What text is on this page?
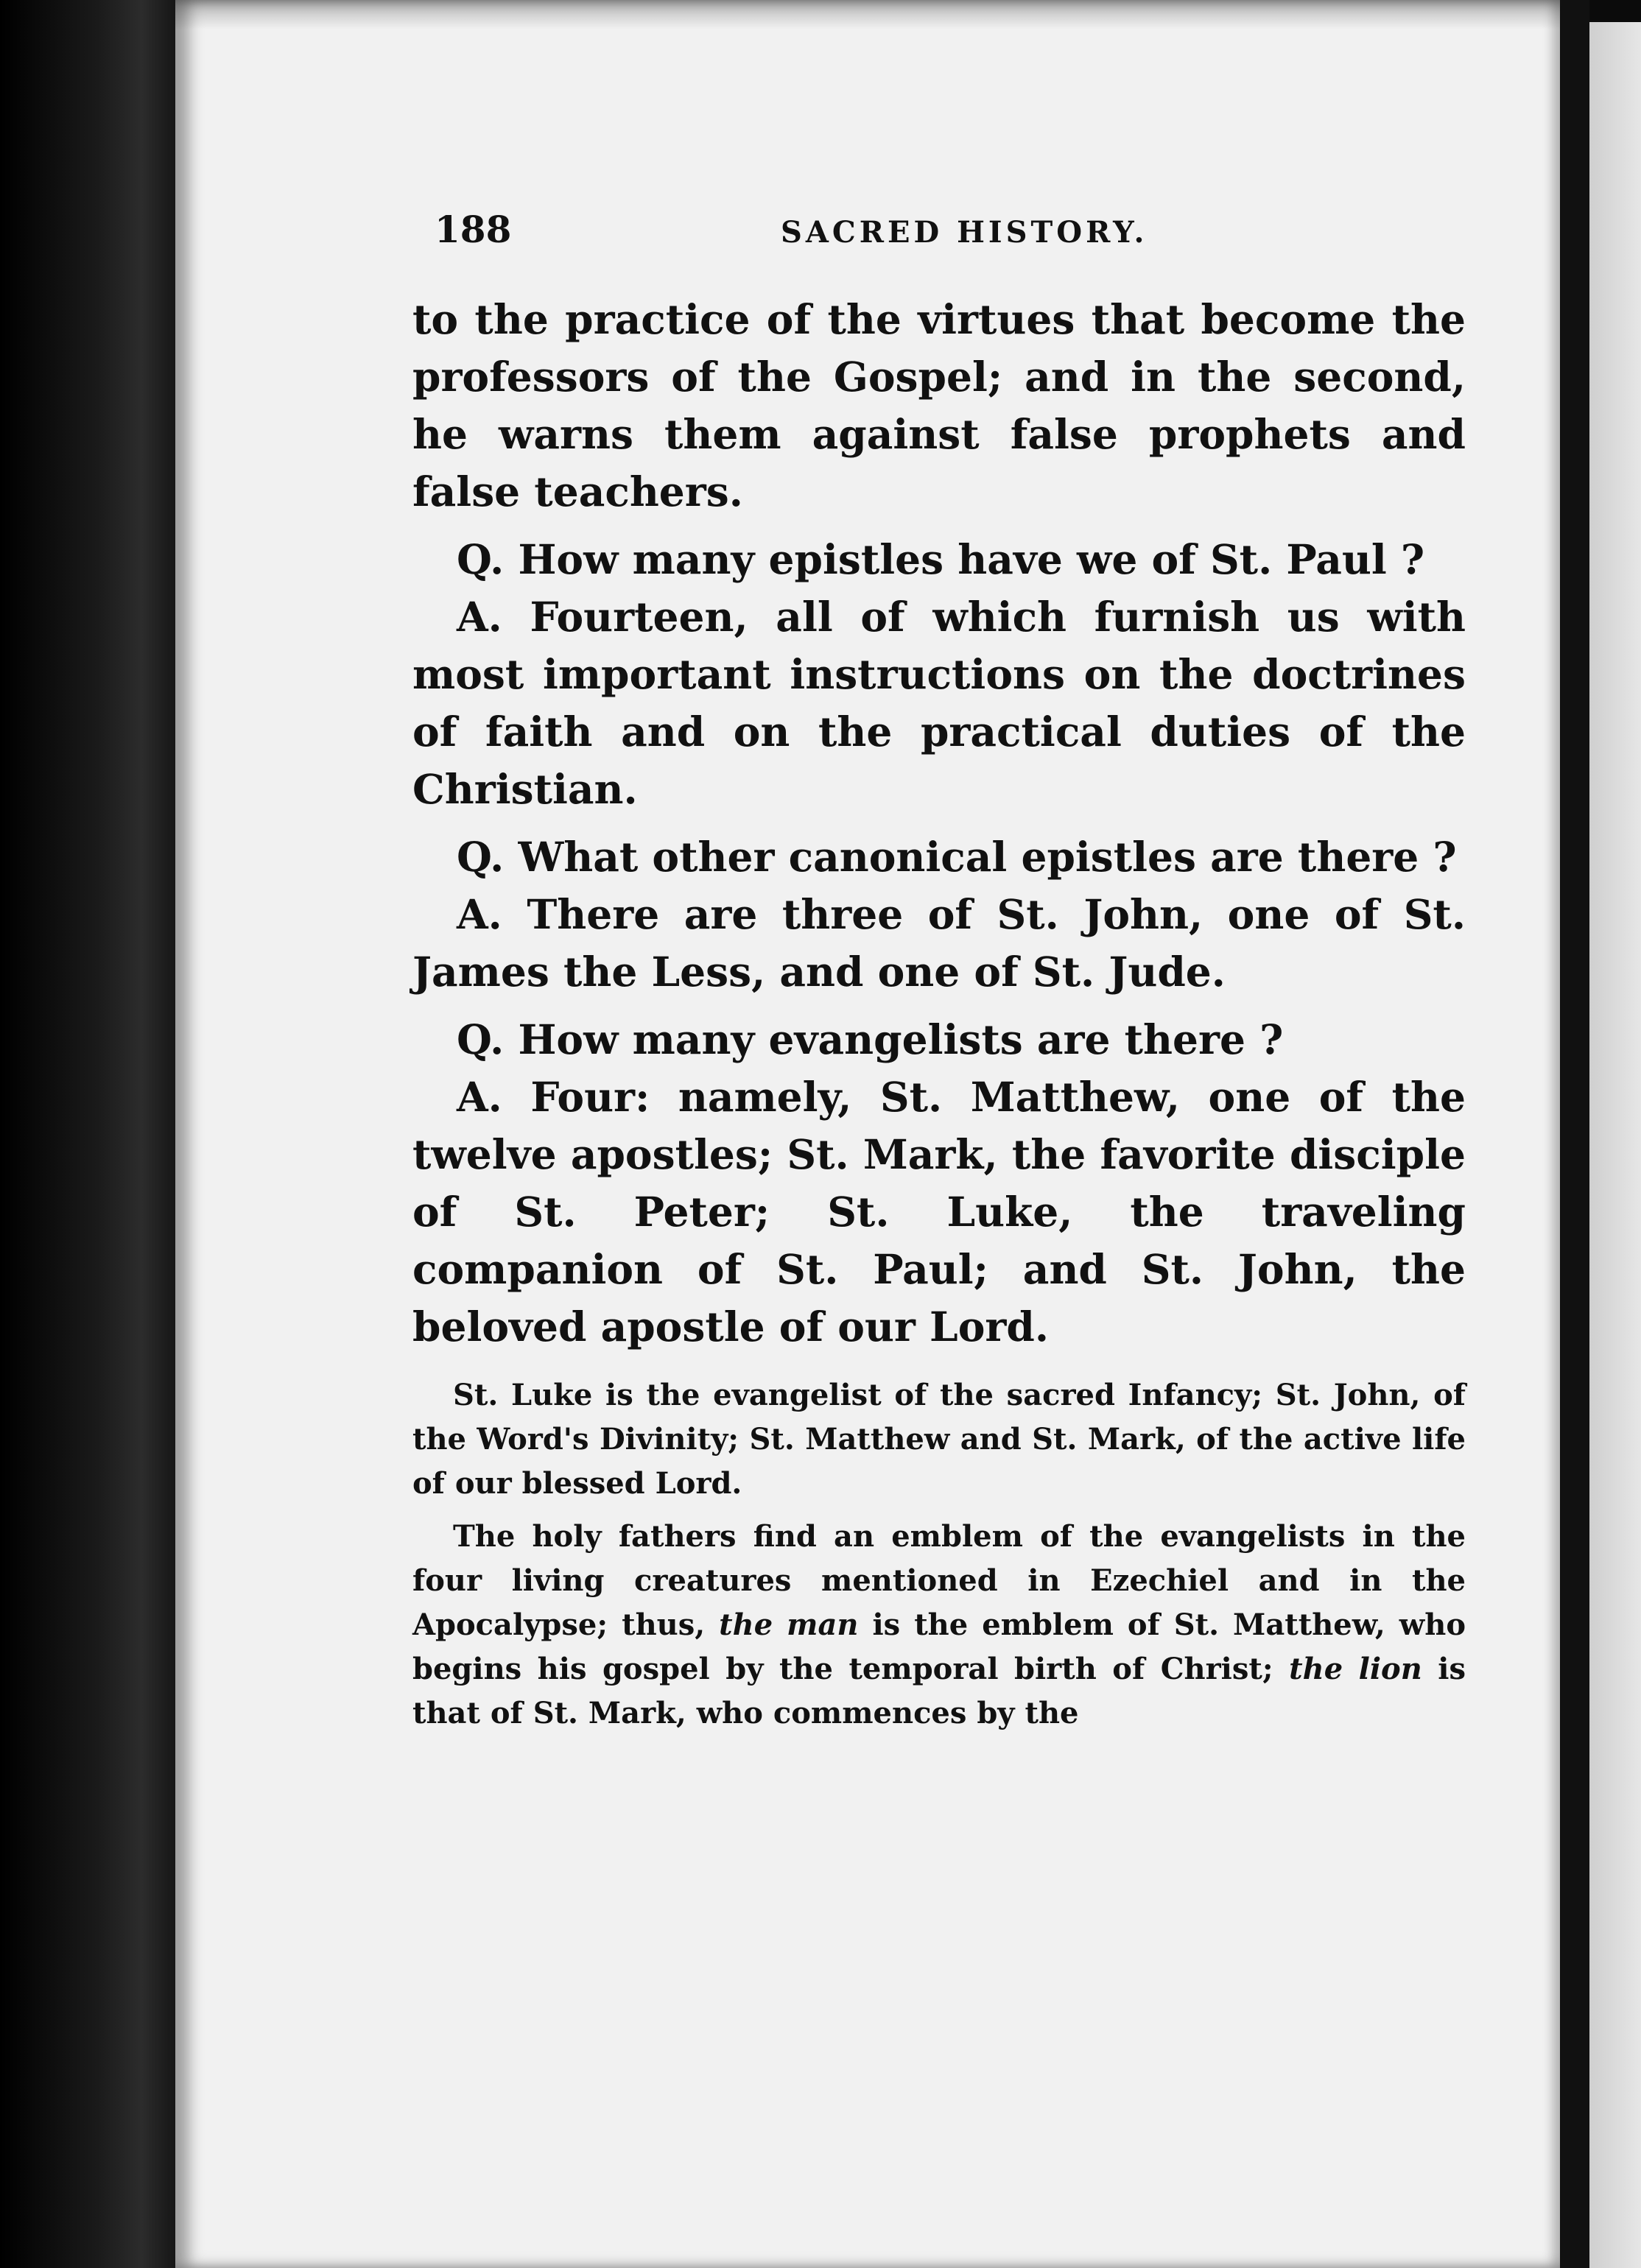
188	SACRED HISTORY.

to the practice of the virtues that become the professors of the Gospel; and in the second, he warns them against false prophets and false teachers.

Q. How many epistles have we of St. Paul ?

A. Fourteen, all of which furnish us with most important instructions on the doctrines of faith and on the practical duties of the Christian.

Q. What other canonical epistles are there ?

A. There are three of St. John, one of St. James the Less, and one of St. Jude.

Q. How many evangelists are there ?

A. Four: namely, St. Matthew, one of the twelve apostles; St. Mark, the favorite disciple of St. Peter; St. Luke, the traveling companion of St. Paul; and St. John, the beloved apostle of our Lord.

St. Luke is the evangelist of the sacred Infancy; St. John, of the Word's Divinity; St. Matthew and St. Mark, of the active life of our blessed Lord.

The holy fathers find an emblem of the evangelists in the four living creatures mentioned in Ezechiel and in the Apocalypse; thus, the man is the emblem of St. Matthew, who begins his gospel by the temporal birth of Christ; the lion is that of St. Mark, who commences by the
